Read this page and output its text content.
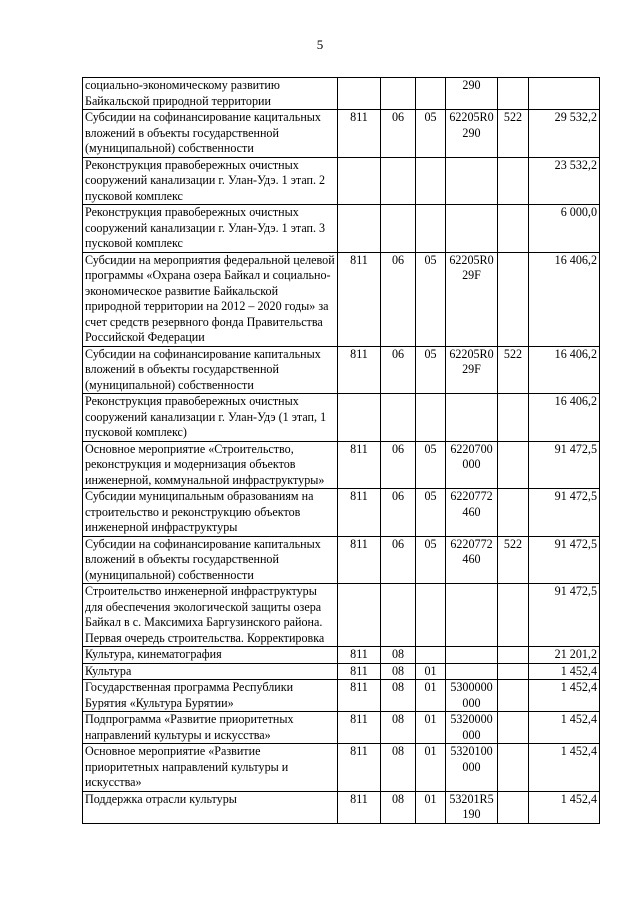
5
социально-экономическому развитию Байкальской природной территории				290		
Субсидии на софинансирование кацитальных вложений в объекты государственной (муниципальной) собственности	811	06	05	62205R0 290	522	29 532,2
Реконструкция правобережных очистных сооружений канализации г. Улан-Удэ. 1 этап. 2 пусковой комплекс						23 532,2
Реконструкция правобережных очистных сооружений канализации г. Улан-Удэ. 1 этап. 3 пусковой комплекс						6 000,0
Субсидии на мероприятия федеральной целевой программы «Охрана озера Байкал и социально-экономическое развитие Байкальской природной территории на 2012 – 2020 годы» за счет средств резервного фонда Правительства Российской Федерации	811	06	05	62205R0 29F		16 406,2
Субсидии на софинансирование капитальных вложений в объекты государственной (муниципальной) собственности	811	06	05	62205R0 29F	522	16 406,2
Реконструкция правобережных очистных сооружений канализации г. Улан-Удэ (1 этап, 1 пусковой комплекс)						16 406,2
Основное мероприятие «Строительство, реконструкция и модернизация объектов инженерной, коммунальной инфраструктуры»	811	06	05	6220700 000		91 472,5
Субсидии муниципальным образованиям на строительство и реконструкцию объектов инженерной инфраструктуры	811	06	05	6220772 460		91 472,5
Субсидии на софинансирование капитальных вложений в объекты государственной (муниципальной) собственности	811	06	05	6220772 460	522	91 472,5
Строительство инженерной инфраструктуры для обеспечения экологической защиты озера Байкал в с. Максимиха Баргузинского района. Первая очередь строительства. Корректировка						91 472,5
Культура, кинематография	811	08				21 201,2
Культура	811	08	01			1 452,4
Государственная программа Республики Бурятия «Культура Бурятии»	811	08	01	5300000 000		1 452,4
Подпрограмма «Развитие приоритетных направлений культуры и искусства»	811	08	01	5320000 000		1 452,4
Основное мероприятие «Развитие приоритетных направлений культуры и искусства»	811	08	01	5320100 000		1 452,4
Поддержка отрасли культуры	811	08	01	53201R5 190		1 452,4
